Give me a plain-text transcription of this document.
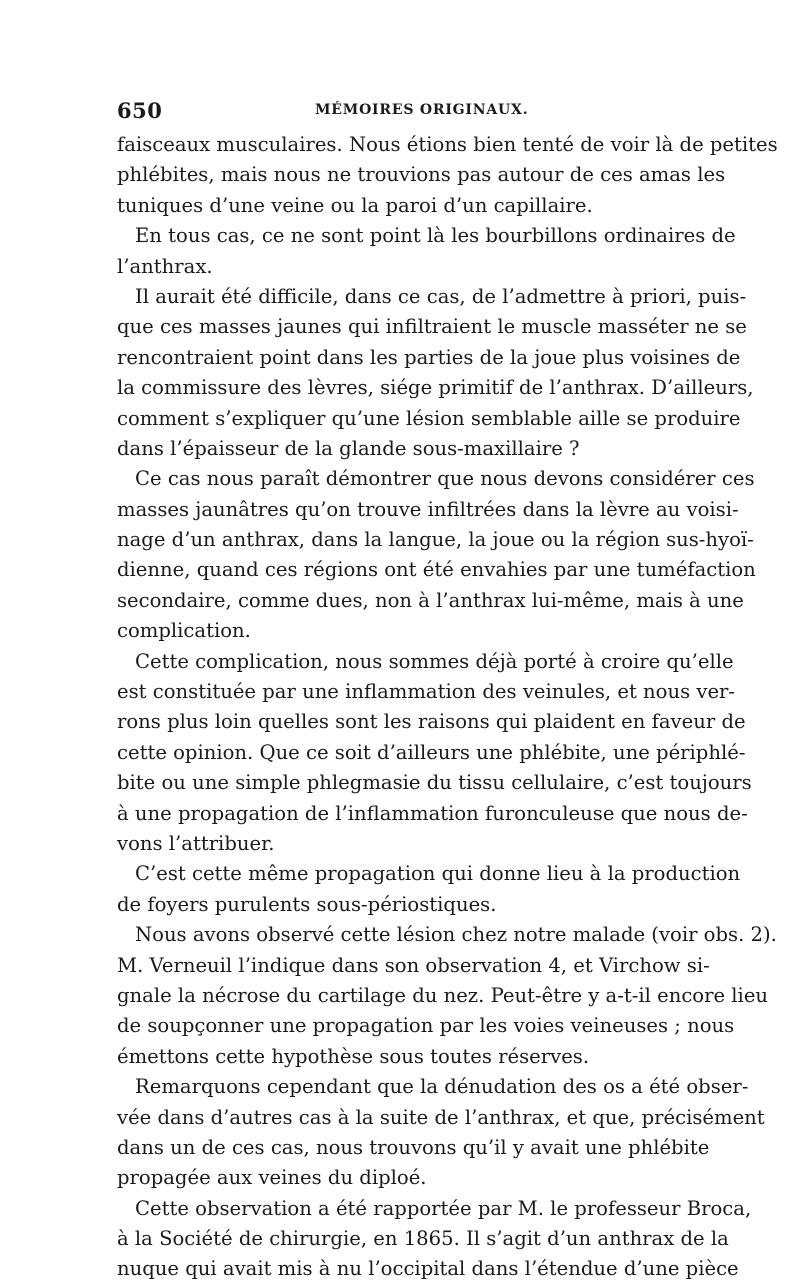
650	MÉMOIRES ORIGINAUX.
faisceaux musculaires. Nous étions bien tenté de voir là de petites
phlébites, mais nous ne trouvions pas autour de ces amas les
tuniques d’une veine ou la paroi d’un capillaire.
En tous cas, ce ne sont point là les bourbillons ordinaires de
l’anthrax.
Il aurait été difficile, dans ce cas, de l’admettre à priori, puis-
que ces masses jaunes qui infiltraient le muscle masséter ne se
rencontraient point dans les parties de la joue plus voisines de
la commissure des lèvres, siége primitif de l’anthrax. D’ailleurs,
comment s’expliquer qu’une lésion semblable aille se produire
dans l’épaisseur de la glande sous-maxillaire ?
Ce cas nous paraît démontrer que nous devons considérer ces
masses jaunâtres qu’on trouve infiltrées dans la lèvre au voisi-
nage d’un anthrax, dans la langue, la joue ou la région sus-hyoï-
dienne, quand ces régions ont été envahies par une tuméfaction
secondaire, comme dues, non à l’anthrax lui-même, mais à une
complication.
Cette complication, nous sommes déjà porté à croire qu’elle
est constituée par une inflammation des veinules, et nous ver-
rons plus loin quelles sont les raisons qui plaident en faveur de
cette opinion. Que ce soit d’ailleurs une phlébite, une périphlé-
bite ou une simple phlegmasie du tissu cellulaire, c’est toujours
à une propagation de l’inflammation furonculeuse que nous de-
vons l’attribuer.
C’est cette même propagation qui donne lieu à la production
de foyers purulents sous-périostiques.
Nous avons observé cette lésion chez notre malade (voir obs. 2).
M. Verneuil l’indique dans son observation 4, et Virchow si-
gnale la nécrose du cartilage du nez. Peut-être y a-t-il encore lieu
de soupçonner une propagation par les voies veineuses ; nous
émettons cette hypothèse sous toutes réserves.
Remarquons cependant que la dénudation des os a été obser-
vée dans d’autres cas à la suite de l’anthrax, et que, précisément
dans un de ces cas, nous trouvons qu’il y avait une phlébite
propagée aux veines du diploé.
Cette observation a été rapportée par M. le professeur Broca,
à la Société de chirurgie, en 1865. Il s’agit d’un anthrax de la
nuque qui avait mis à nu l’occipital dans l’étendue d’une pièce
